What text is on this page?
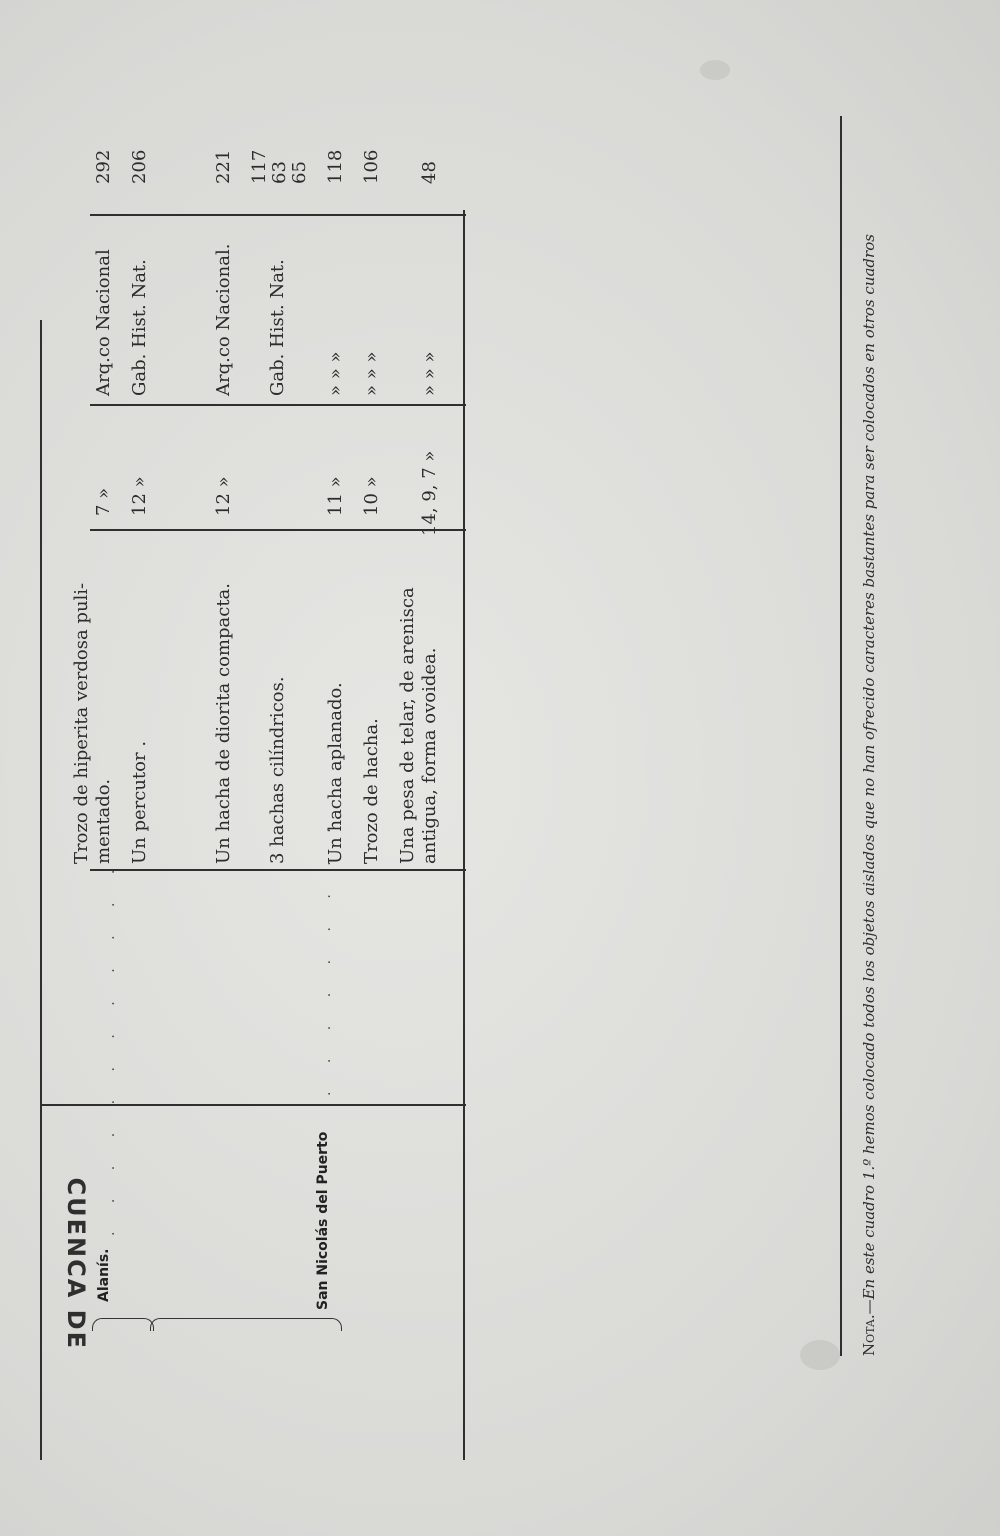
CUENCA DE Alanís.
. . . . . . . . . . . .	San Nicolás del Puerto
. . . . . . . . .
Trozo de hiperita verdosa puli- mentado.
7 »
Arq.co Nacional
292
Un percutor .
12 »
Gab. Hist. Nat.
206
Un hacha de diorita compacta.
12 »
Arq.co Nacional.
221
3 hachas cilíndricos.
Gab. Hist. Nat.
117
63
65
Un hacha aplanado.
11 »
» » »
118
Trozo de hacha.
10 »
» » »
106
Una pesa de telar, de arenisca antigua, forma ovoidea.
14, 9, 7 »
» » »
48
Nota.—En este cuadro 1.º hemos colocado todos los objetos aislados que no han ofrecido caracteres bastantes para ser colocados en otros cuadros
